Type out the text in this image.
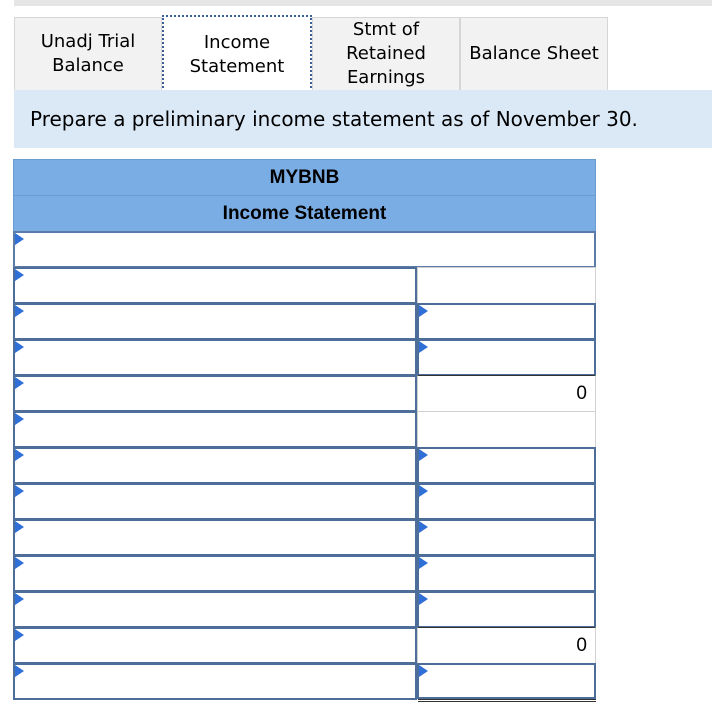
Unadj Trial
Balance
Income
Statement
Stmt of
Retained
Earnings
Balance Sheet
Prepare a preliminary income statement as of November 30.
MYBNB
Income Statement
0
0
